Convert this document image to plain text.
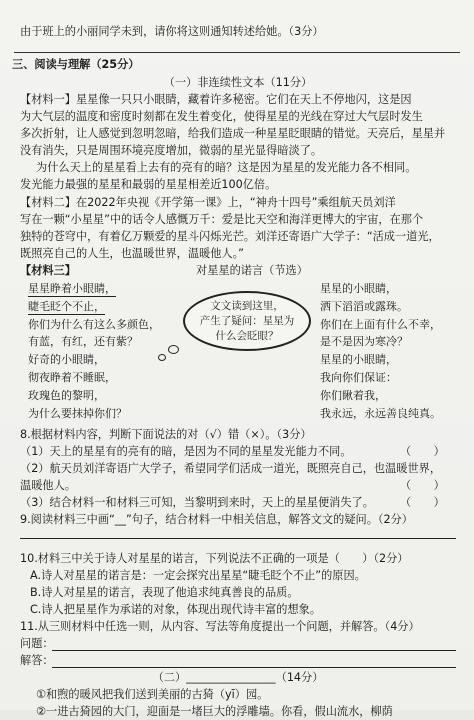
由于班上的小丽同学未到，请你将这则通知转述给她。（3分）
三、阅读与理解（25分）
（一）非连续性文本（11分）
【材料一】星星像一只只小眼睛，藏着许多秘密。它们在天上不停地闪，这是因
为大气层的温度和密度时刻都在发生着变化，使得星星的光线在穿过大气层时发生
多次折射，让人感觉到忽明忽暗，给我们造成一种星星眨眼睛的错觉。天亮后，星星并
没有消失，只是周围环境亮度增加，微弱的星光显得暗淡了。
为什么天上的星星看上去有的亮有的暗？这是因为星星的发光能力各不相同。
发光能力最强的星星和最弱的星星相差近100亿倍。
【材料二】在2022年央视《开学第一课》上，“神舟十四号”乘组航天员刘洋
写在一颗“小星星”中的话令人感慨万千：爱是比天空和海洋更博大的宇宙，在那个
独特的苍穹中，有着亿万颗爱的星斗闪烁光芒。刘洋还寄语广大学子：“活成一道光，
既照亮自己的人生，也温暖世界，温暖他人。”
【材料三】	对星星的诺言（节选）
星星睁着小眼睛，
睫毛眨个不止，
你们为什么有这么多颜色，
有蓝，有红，还有紫？
好奇的小眼睛，
彻夜睁着不睡眠，
玫瑰色的黎明，
为什么要抹掉你们？
文文读到这里，
产生了疑问：星星为
什么会眨眼？
星星的小眼睛，
洒下滔滔或露珠。
你们在上面有什么不幸，
是不是因为寒冷？
星星的小眼睛，
我向你们保证：
你们瞅着我，
我永远，永远善良纯真。
8.根据材料内容，判断下面说法的对（√）错（×）。（3分）
（1）天上的星星有的亮有的暗，是因为不同的星星发光能力不同。	（　　）
（2）航天员刘洋寄语广大学子，希望同学们活成一道光，既照亮自己，也温暖世界，
温暖他人。	（　　）
（3）结合材料一和材料三可知，当黎明到来时，天上的星星便消失了。	（　　）
9.阅读材料三中画“__”句子，结合材料一中相关信息，解答文文的疑问。（2分）
10.材料三中关于诗人对星星的诺言，下列说法不正确的一项是（　　）（2分）
A.诗人对星星的诺言是：一定会探究出星星“睫毛眨个不止”的原因。
B.诗人对星星的诺言，表现了他追求纯真善良的品质。
C.诗人把星星作为承诺的对象，体现出现代诗丰富的想象。
11.从三则材料中任选一则，从内容、写法等角度提出一个问题，并解答。（4分）
问题：
解答：
（二）________________（14分）
①和煦的暖风把我们送到美丽的古猗（yī）园。
②一进古猗园的大门，迎面是一堵巨大的浮雕墙。你看，假山流水，柳荫
